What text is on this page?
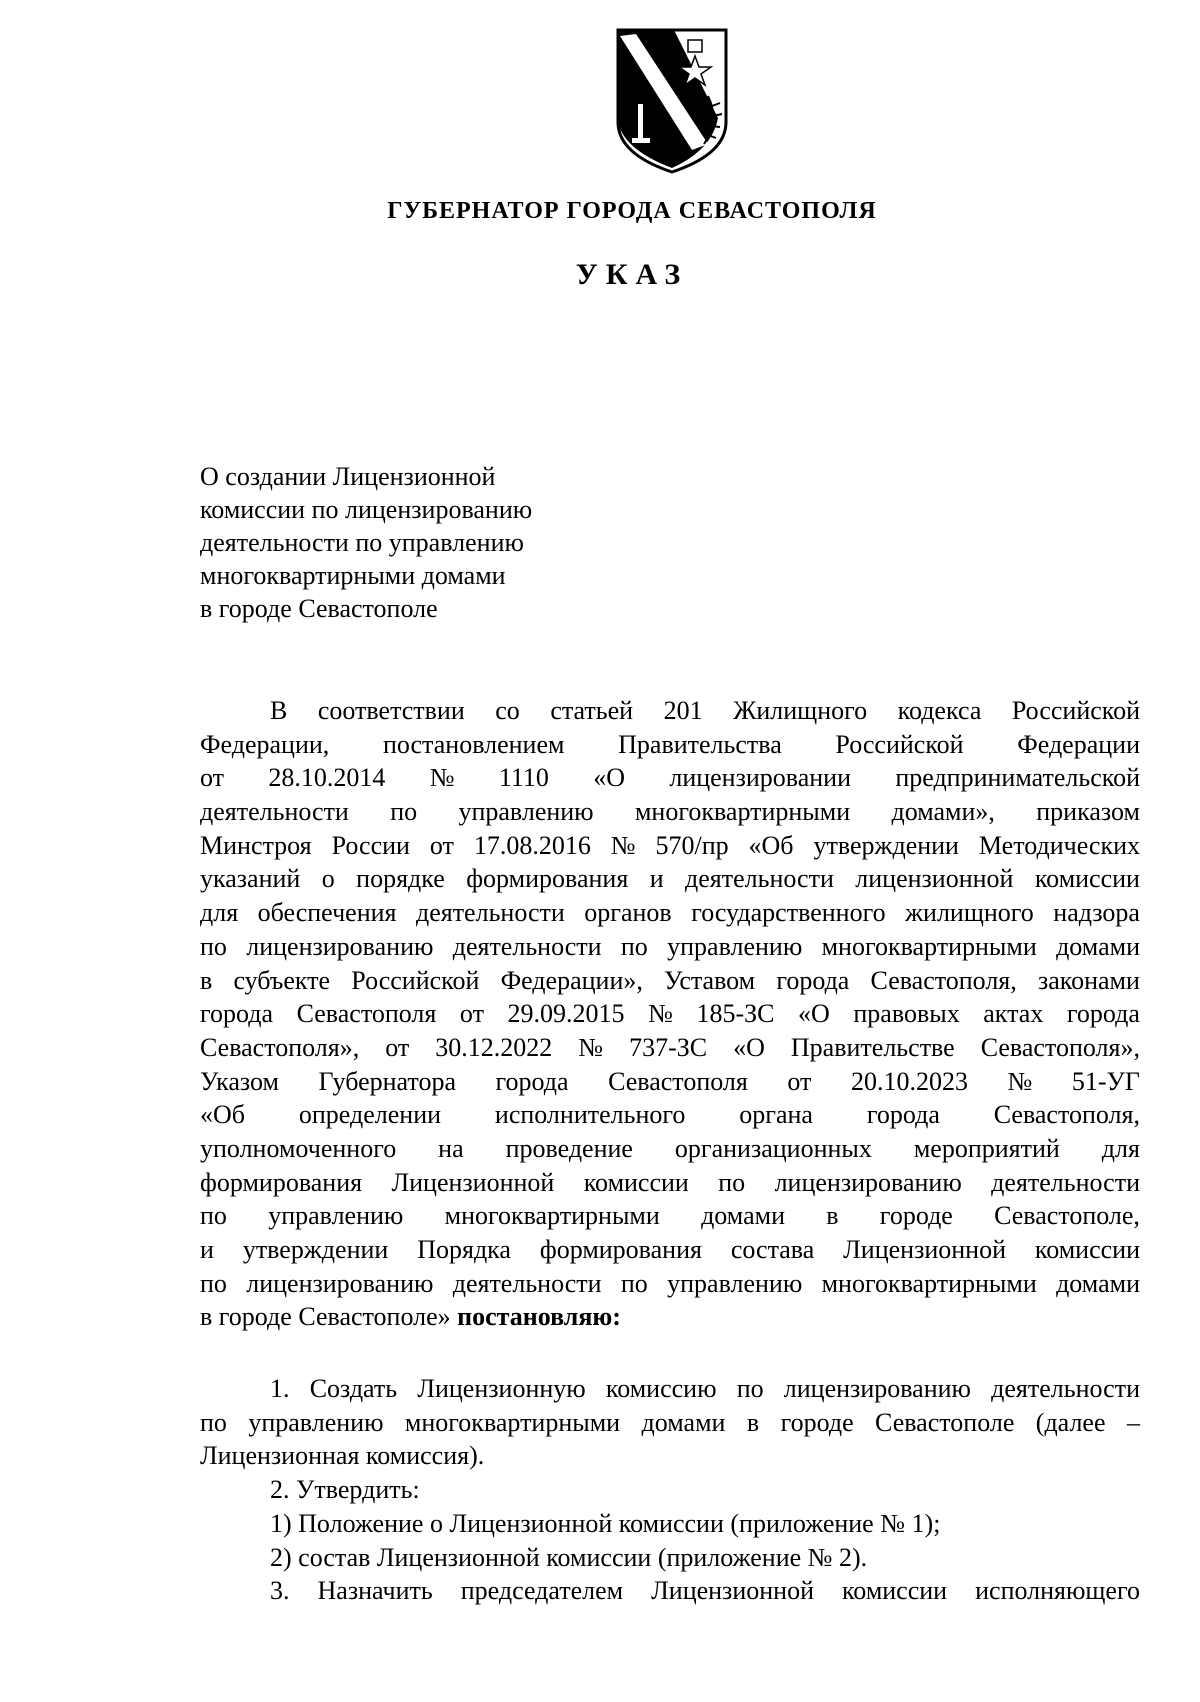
ГУБЕРНАТОР ГОРОДА СЕВАСТОПОЛЯ
УКАЗ
О создании Лицензионной
комиссии по лицензированию
деятельности по управлению
многоквартирными домами
в городе Севастополе
В соответствии со статьей 201 Жилищного кодекса Российской
Федерации, постановлением Правительства Российской Федерации
от 28.10.2014 № 1110 «О лицензировании предпринимательской
деятельности по управлению многоквартирными домами», приказом
Минстроя России от 17.08.2016 № 570/пр «Об утверждении Методических
указаний о порядке формирования и деятельности лицензионной комиссии
для обеспечения деятельности органов государственного жилищного надзора
по лицензированию деятельности по управлению многоквартирными домами
в субъекте Российской Федерации», Уставом города Севастополя, законами
города Севастополя от 29.09.2015 № 185-ЗС «О правовых актах города
Севастополя», от 30.12.2022 № 737-ЗС «О Правительстве Севастополя»,
Указом Губернатора города Севастополя от 20.10.2023 № 51-УГ
«Об определении исполнительного органа города Севастополя,
уполномоченного на проведение организационных мероприятий для
формирования Лицензионной комиссии по лицензированию деятельности
по управлению многоквартирными домами в городе Севастополе,
и утверждении Порядка формирования состава Лицензионной комиссии
по лицензированию деятельности по управлению многоквартирными домами
в городе Севастополе» постановляю:
1. Создать Лицензионную комиссию по лицензированию деятельности
по управлению многоквартирными домами в городе Севастополе (далее –
Лицензионная комиссия).
2. Утвердить:
1) Положение о Лицензионной комиссии (приложение № 1);
2) состав Лицензионной комиссии (приложение № 2).
3. Назначить председателем Лицензионной комиссии исполняющего
